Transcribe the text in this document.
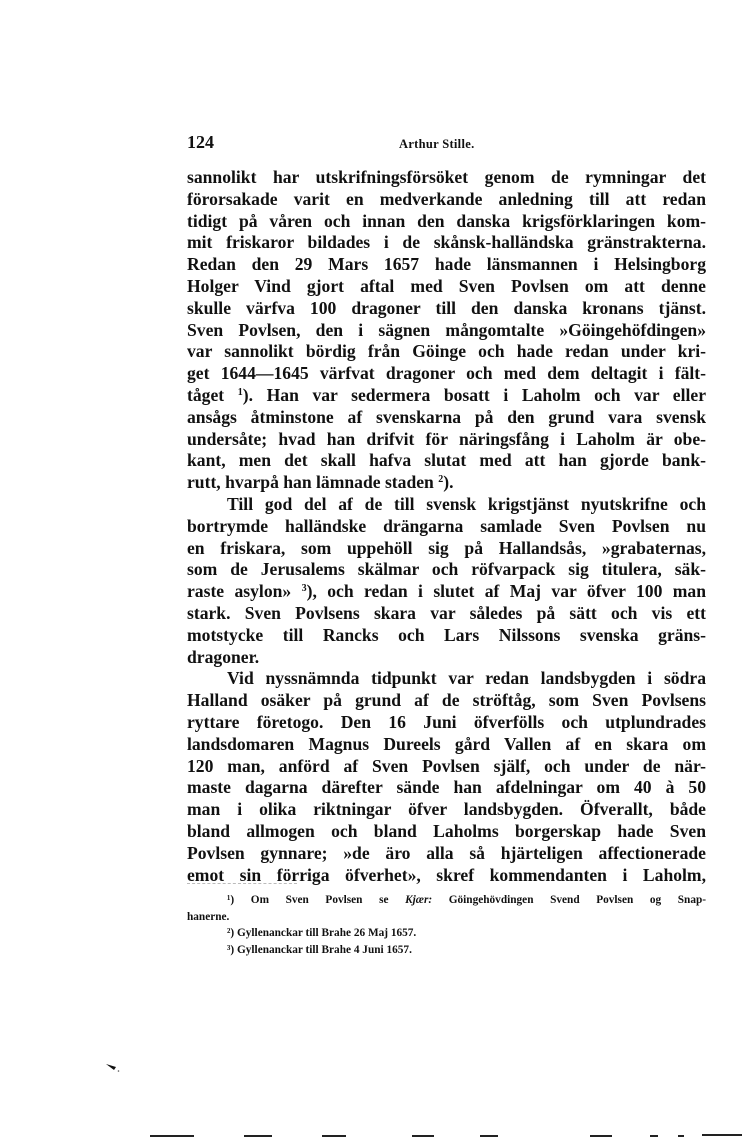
124	Arthur Stille.
sannolikt har utskrifningsförsöket genom de rymningar det
förorsakade varit en medverkande anledning till att redan
tidigt på våren och innan den danska krigsförklaringen kom-
mit friskaror bildades i de skånsk-halländska gränstrakterna.
Redan den 29 Mars 1657 hade länsmannen i Helsingborg
Holger Vind gjort aftal med Sven Povlsen om att denne
skulle värfva 100 dragoner till den danska kronans tjänst.
Sven Povlsen, den i sägnen mångomtalte »Göingehöfdingen»
var sannolikt bördig från Göinge och hade redan under kri-
get 1644—1645 värfvat dragoner och med dem deltagit i fält-
tåget $^1$). Han var sedermera bosatt i Laholm och var eller
ansågs åtminstone af svenskarna på den grund vara svensk
undersåte; hvad han drifvit för näringsfång i Laholm är obe-
kant, men det skall hafva slutat med att han gjorde bank-
rutt, hvarpå han lämnade staden $^2$).
Till god del af de till svensk krigstjänst nyutskrifne och
bortrymde halländske drängarna samlade Sven Povlsen nu
en friskara, som uppehöll sig på Hallandsås, »grabaternas,
som de Jerusalems skälmar och röfvarpack sig titulera, säk-
raste asylon» $^3$), och redan i slutet af Maj var öfver 100 man
stark. Sven Povlsens skara var således på sätt och vis ett
motstycke till Rancks och Lars Nilssons svenska gräns-
dragoner.
Vid nyssnämnda tidpunkt var redan landsbygden i södra
Halland osäker på grund af de ströftåg, som Sven Povlsens
ryttare företogo. Den 16 Juni öfverfölls och utplundrades
landsdomaren Magnus Dureels gård Vallen af en skara om
120 man, anförd af Sven Povlsen själf, och under de när-
maste dagarna därefter sände han afdelningar om 40 à 50
man i olika riktningar öfver landsbygden. Öfverallt, både
bland allmogen och bland Laholms borgerskap hade Sven
Povlsen gynnare; »de äro alla så hjärteligen affectionerade
emot sin förriga öfverhet», skref kommendanten i Laholm,
¹) Om Sven Povlsen se Kjær: Göingehövdingen Svend Povlsen og Snap-
hanerne.
²) Gyllenanckar till Brahe 26 Maj 1657.
³) Gyllenanckar till Brahe 4 Juni 1657.
